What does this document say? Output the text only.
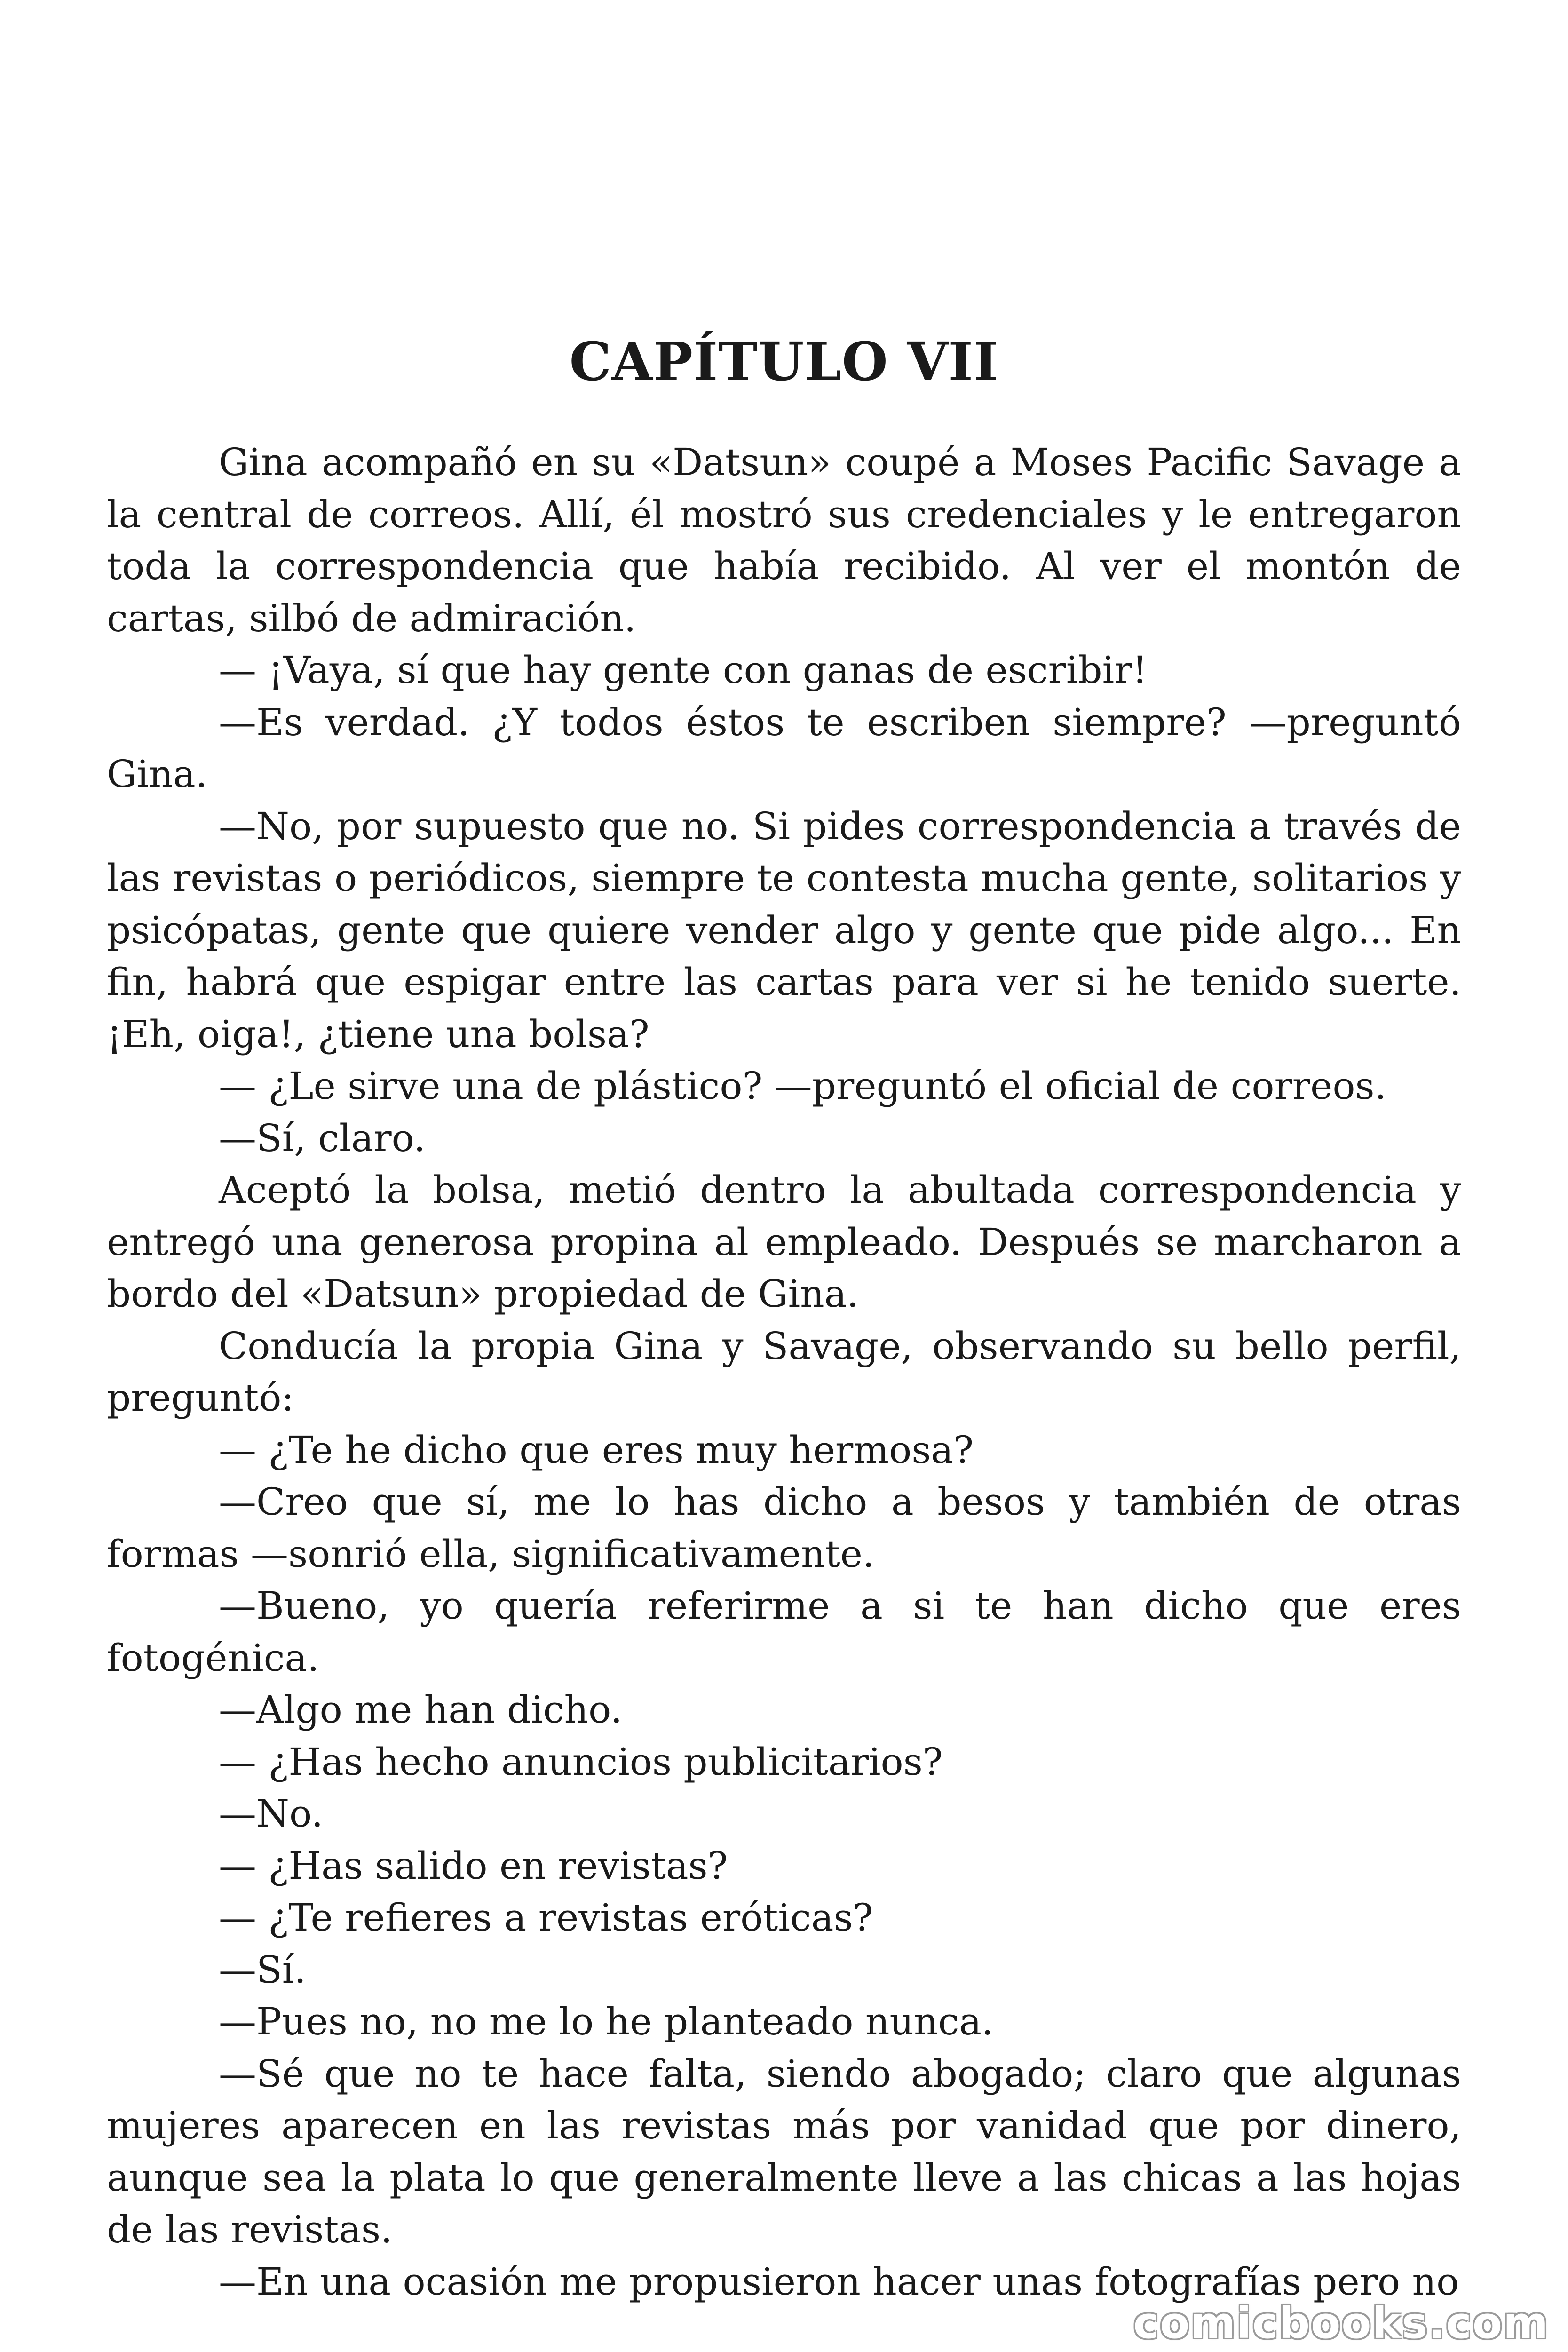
CAPÍTULO VII

Gina acompañó en su «Datsun» coupé a Moses Pacific Savage a la central de correos. Allí, él mostró sus credenciales y le entregaron toda la correspondencia que había recibido. Al ver el montón de cartas, silbó de admiración.

— ¡Vaya, sí que hay gente con ganas de escribir!

—Es verdad. ¿Y todos éstos te escriben siempre? —preguntó Gina.

—No, por supuesto que no. Si pides correspondencia a través de las revistas o periódicos, siempre te contesta mucha gente, solitarios y psicópatas, gente que quiere vender algo y gente que pide algo... En fin, habrá que espigar entre las cartas para ver si he tenido suerte. ¡Eh, oiga!, ¿tiene una bolsa?

— ¿Le sirve una de plástico? —preguntó el oficial de correos.

—Sí, claro.

Aceptó la bolsa, metió dentro la abultada correspondencia y entregó una generosa propina al empleado. Después se marcharon a bordo del «Datsun» propiedad de Gina.

Conducía la propia Gina y Savage, observando su bello perfil, preguntó:

— ¿Te he dicho que eres muy hermosa?

—Creo que sí, me lo has dicho a besos y también de otras formas —sonrió ella, significativamente.

—Bueno, yo quería referirme a si te han dicho que eres fotogénica.

—Algo me han dicho.

— ¿Has hecho anuncios publicitarios?

—No.

— ¿Has salido en revistas?

— ¿Te refieres a revistas eróticas?

—Sí.

—Pues no, no me lo he planteado nunca.

—Sé que no te hace falta, siendo abogado; claro que algunas mujeres aparecen en las revistas más por vanidad que por dinero, aunque sea la plata lo que generalmente lleve a las chicas a las hojas de las revistas.

—En una ocasión me propusieron hacer unas fotografías pero no

comicbooks.com
